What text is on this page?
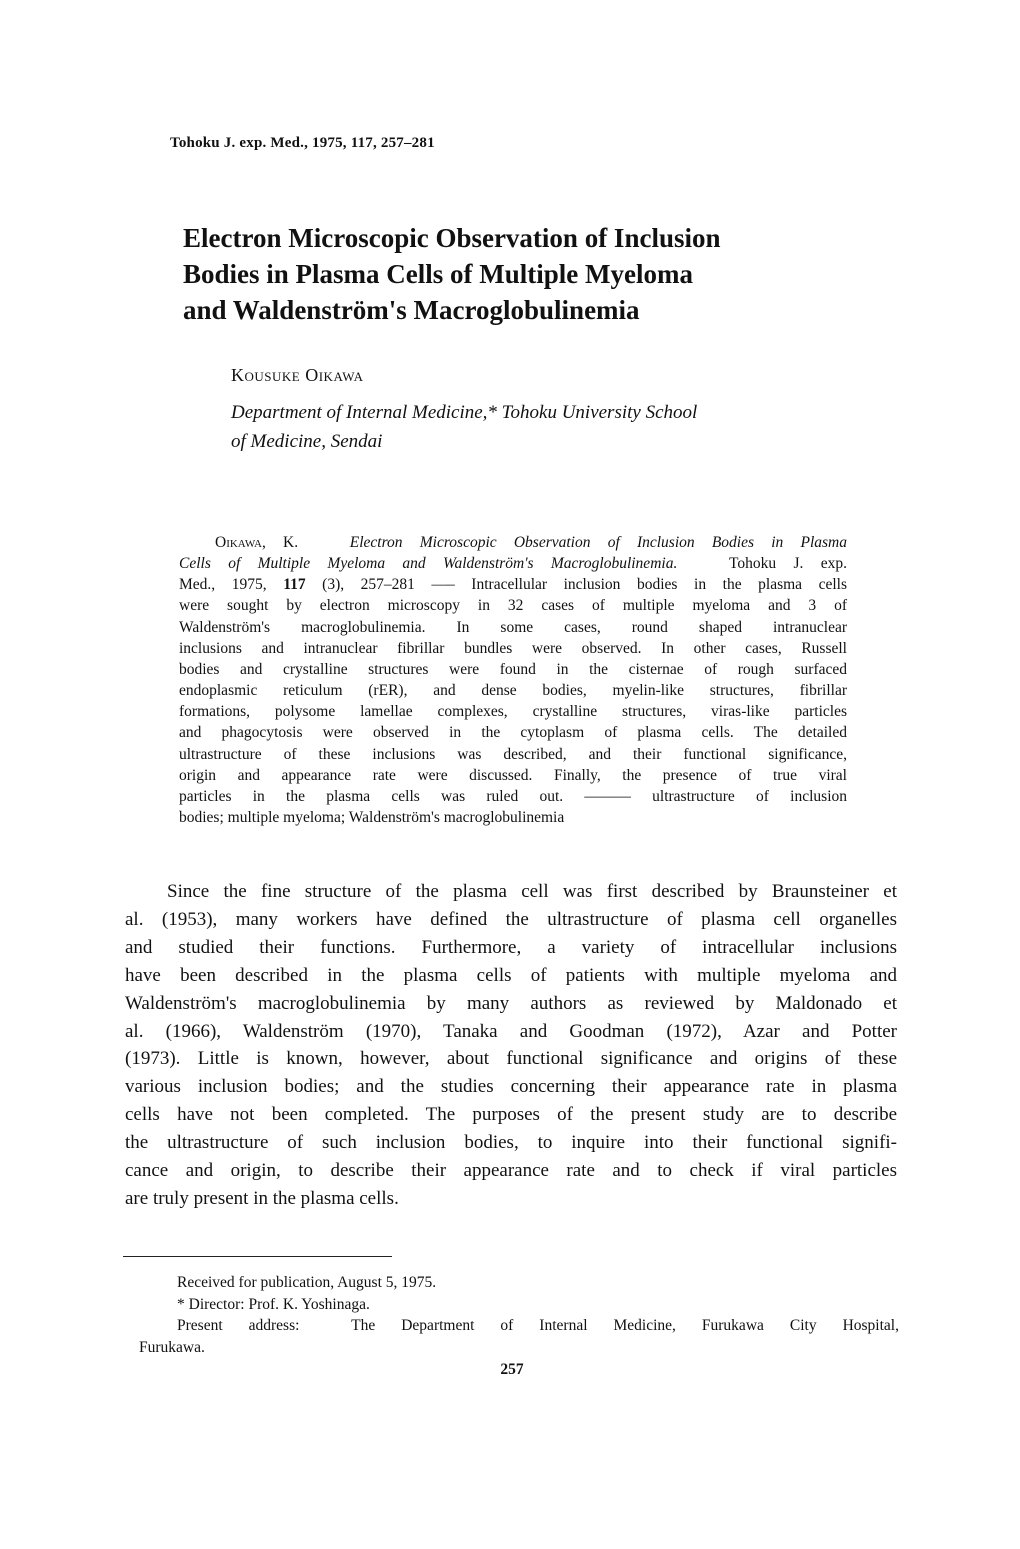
Tohoku J. exp. Med., 1975, 117, 257–281
Electron Microscopic Observation of Inclusion
Bodies in Plasma Cells of Multiple Myeloma
and Waldenström's Macroglobulinemia
Kousuke Oikawa
Department of Internal Medicine,* Tohoku University School
of Medicine, Sendai
Oikawa, K.	Electron Microscopic Observation of Inclusion Bodies in Plasma
Cells of Multiple Myeloma and Waldenström's Macroglobulinemia.	Tohoku J. exp.
Med., 1975, 117 (3), 257–281 —– Intracellular inclusion bodies in the plasma cells
were sought by electron microscopy in 32 cases of multiple myeloma and 3 of
Waldenström's macroglobulinemia. In some cases, round shaped intranuclear
inclusions and intranuclear fibrillar bundles were observed. In other cases, Russell
bodies and crystalline structures were found in the cisternae of rough surfaced
endoplasmic reticulum (rER), and dense bodies, myelin-like structures, fibrillar
formations, polysome lamellae complexes, crystalline structures, viras-like particles
and phagocytosis were observed in the cytoplasm of plasma cells. The detailed
ultrastructure of these inclusions was described, and their functional significance,
origin and appearance rate were discussed. Finally, the presence of true viral
particles in the plasma cells was ruled out. ——— ultrastructure of inclusion
bodies; multiple myeloma; Waldenström's macroglobulinemia
Since the fine structure of the plasma cell was first described by Braunsteiner et
al. (1953), many workers have defined the ultrastructure of plasma cell organelles
and studied their functions. Furthermore, a variety of intracellular inclusions
have been described in the plasma cells of patients with multiple myeloma and
Waldenström's macroglobulinemia by many authors as reviewed by Maldonado et
al. (1966), Waldenström (1970), Tanaka and Goodman (1972), Azar and Potter
(1973). Little is known, however, about functional significance and origins of these
various inclusion bodies; and the studies concerning their appearance rate in plasma
cells have not been completed. The purposes of the present study are to describe
the ultrastructure of such inclusion bodies, to inquire into their functional signifi-
cance and origin, to describe their appearance rate and to check if viral particles
are truly present in the plasma cells.
Received for publication, August 5, 1975.
* Director: Prof. K. Yoshinaga.
Present address:	The Department of Internal Medicine, Furukawa City Hospital,
Furukawa.
257
